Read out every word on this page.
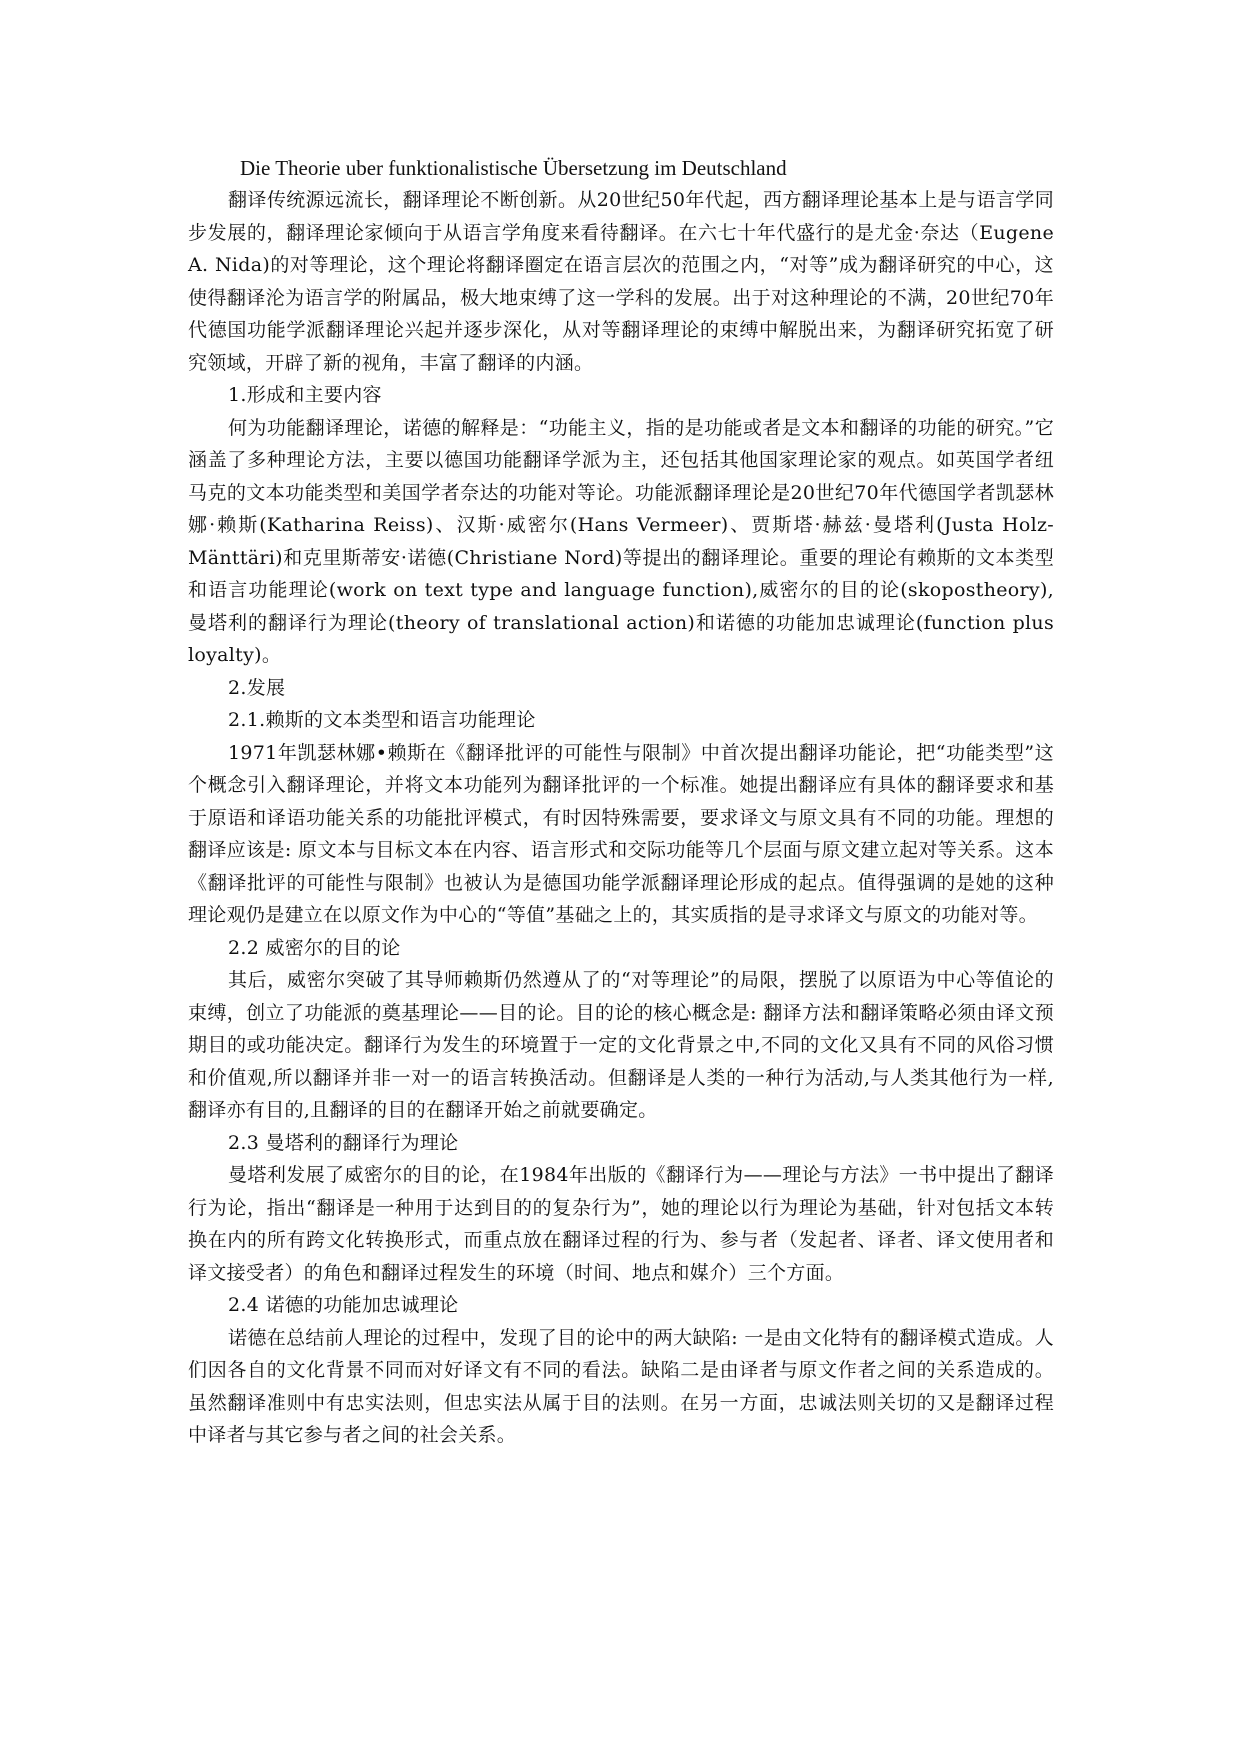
Die Theorie uber funktionalistische Übersetzung im Deutschland

翻译传统源远流长，翻译理论不断创新。从20世纪50年代起，西方翻译理论基本上是与语言学同步发展的，翻译理论家倾向于从语言学角度来看待翻译。在六七十年代盛行的是尤金·奈达（Eugene A. Nida)的对等理论，这个理论将翻译圈定在语言层次的范围之内，“对等”成为翻译研究的中心，这使得翻译沦为语言学的附属品，极大地束缚了这一学科的发展。出于对这种理论的不满，20世纪70年代德国功能学派翻译理论兴起并逐步深化，从对等翻译理论的束缚中解脱出来，为翻译研究拓宽了研究领域，开辟了新的视角，丰富了翻译的内涵。

1.形成和主要内容

何为功能翻译理论，诺德的解释是：“功能主义，指的是功能或者是文本和翻译的功能的研究。”它涵盖了多种理论方法，主要以德国功能翻译学派为主，还包括其他国家理论家的观点。如英国学者纽马克的文本功能类型和美国学者奈达的功能对等论。功能派翻译理论是20世纪70年代德国学者凯瑟林娜·赖斯(Katharina Reiss)、汉斯·威密尔(Hans Vermeer)、贾斯塔·赫兹·曼塔利(Justa Holz-Mänttäri)和克里斯蒂安·诺德(Christiane Nord)等提出的翻译理论。重要的理论有赖斯的文本类型和语言功能理论(work on text type and language function),威密尔的目的论(skopostheory),曼塔利的翻译行为理论(theory of translational action)和诺德的功能加忠诚理论(function plus loyalty)。

2.发展

2.1.赖斯的文本类型和语言功能理论

1971年凯瑟林娜•赖斯在《翻译批评的可能性与限制》中首次提出翻译功能论，把“功能类型”这个概念引入翻译理论，并将文本功能列为翻译批评的一个标准。她提出翻译应有具体的翻译要求和基于原语和译语功能关系的功能批评模式，有时因特殊需要，要求译文与原文具有不同的功能。理想的翻译应该是: 原文本与目标文本在内容、语言形式和交际功能等几个层面与原文建立起对等关系。这本《翻译批评的可能性与限制》也被认为是德国功能学派翻译理论形成的起点。值得强调的是她的这种理论观仍是建立在以原文作为中心的“等值”基础之上的，其实质指的是寻求译文与原文的功能对等。

2.2 威密尔的目的论

其后，威密尔突破了其导师赖斯仍然遵从了的“对等理论”的局限，摆脱了以原语为中心等值论的束缚，创立了功能派的奠基理论——目的论。目的论的核心概念是: 翻译方法和翻译策略必须由译文预期目的或功能决定。翻译行为发生的环境置于一定的文化背景之中,不同的文化又具有不同的风俗习惯和价值观,所以翻译并非一对一的语言转换活动。但翻译是人类的一种行为活动,与人类其他行为一样,翻译亦有目的,且翻译的目的在翻译开始之前就要确定。

2.3 曼塔利的翻译行为理论

曼塔利发展了威密尔的目的论，在1984年出版的《翻译行为——理论与方法》一书中提出了翻译行为论，指出“翻译是一种用于达到目的的复杂行为”，她的理论以行为理论为基础，针对包括文本转换在内的所有跨文化转换形式，而重点放在翻译过程的行为、参与者（发起者、译者、译文使用者和译文接受者）的角色和翻译过程发生的环境（时间、地点和媒介）三个方面。

2.4 诺德的功能加忠诚理论

诺德在总结前人理论的过程中，发现了目的论中的两大缺陷: 一是由文化特有的翻译模式造成。人们因各自的文化背景不同而对好译文有不同的看法。缺陷二是由译者与原文作者之间的关系造成的。虽然翻译准则中有忠实法则，但忠实法从属于目的法则。在另一方面，忠诚法则关切的又是翻译过程中译者与其它参与者之间的社会关系。
